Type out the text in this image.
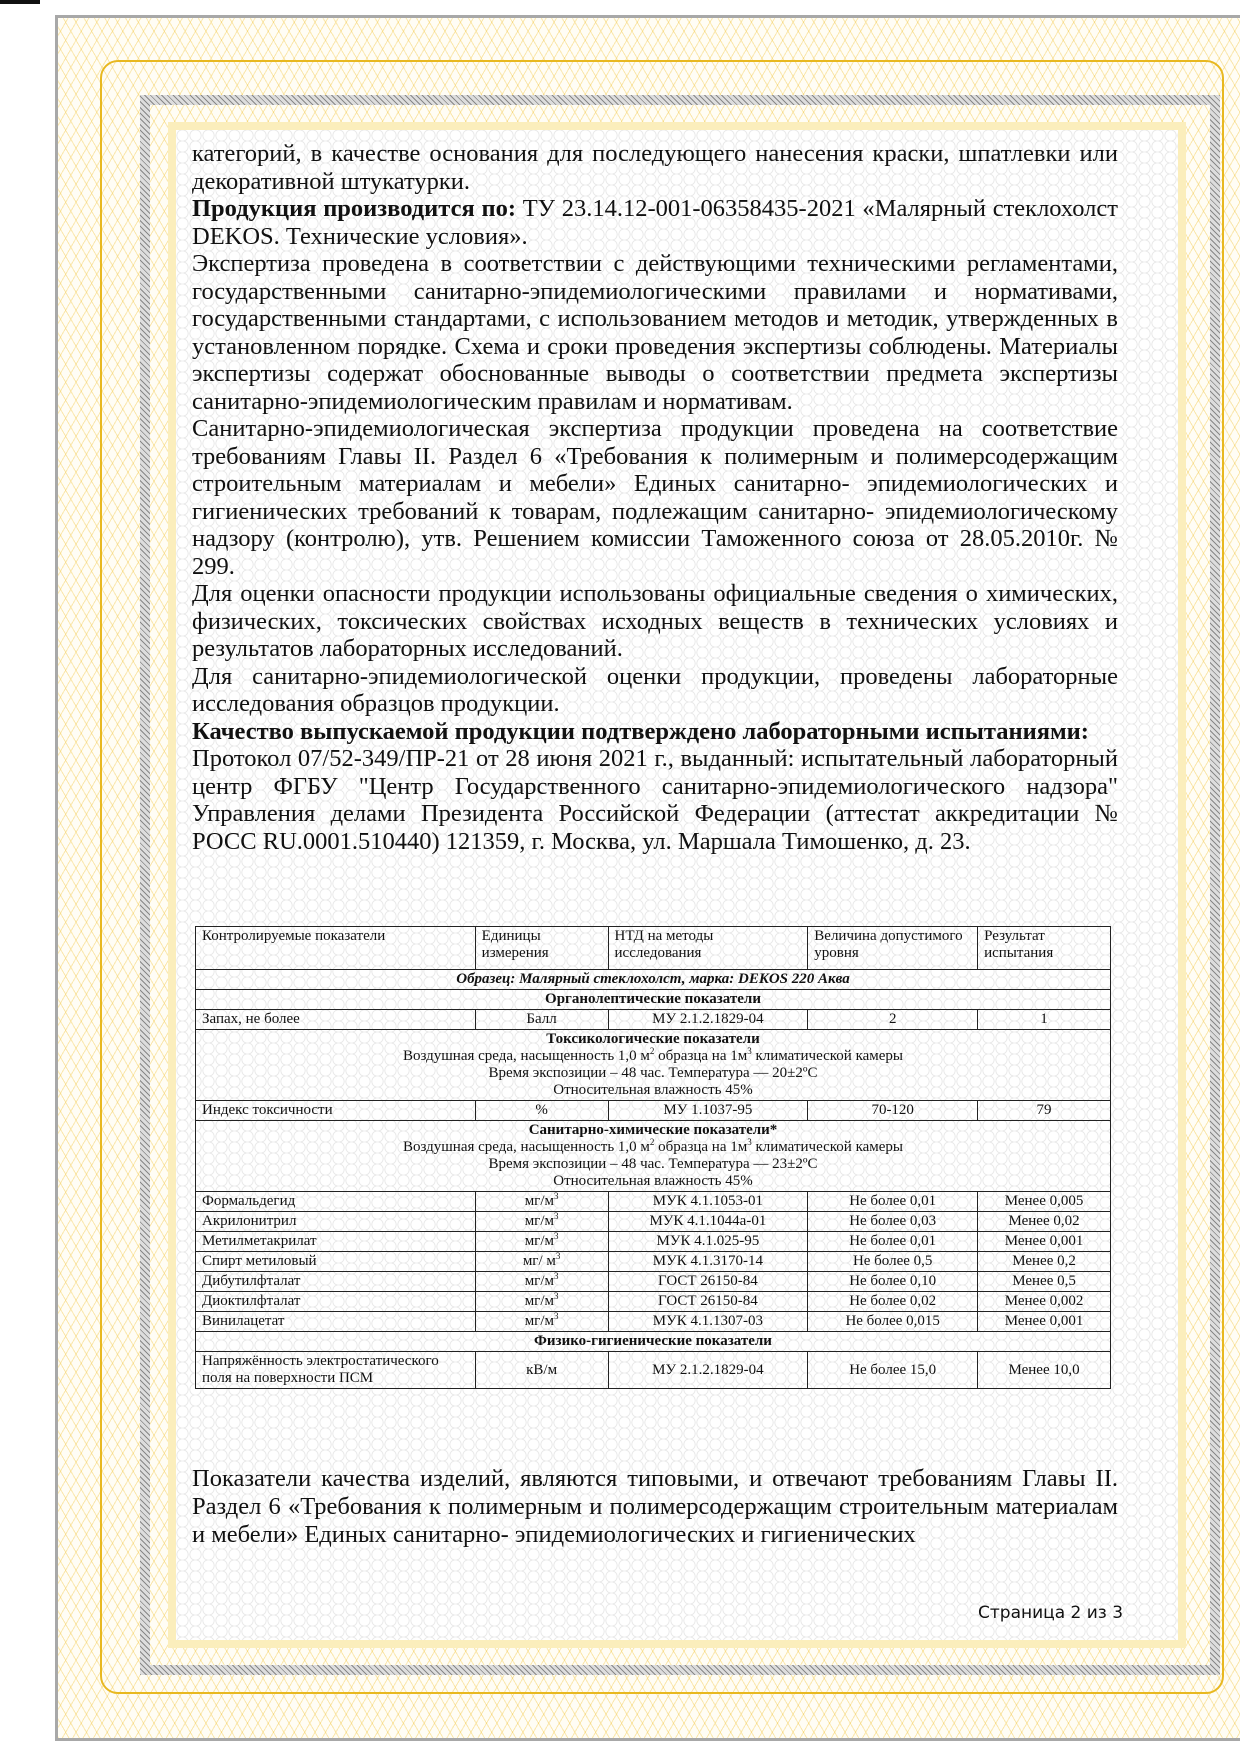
категорий, в качестве основания для последующего нанесения краски, шпатлевки или декоративной штукатурки.

Продукция производится по: ТУ 23.14.12-001-06358435-2021 «Малярный стеклохолст DEKOS. Технические условия».

Экспертиза проведена в соответствии с действующими техническими регламентами, государственными санитарно-эпидемиологическими правилами и нормативами, государственными стандартами, с использованием методов и методик, утвержденных в установленном порядке. Схема и сроки проведения экспертизы соблюдены. Материалы экспертизы содержат обоснованные выводы о соответствии предмета экспертизы санитарно-эпидемиологическим правилам и нормативам.

Санитарно-эпидемиологическая экспертиза продукции проведена на соответствие требованиям Главы II. Раздел 6 «Требования к полимерным и полимерсодержащим строительным материалам и мебели» Единых санитарно- эпидемиологических и гигиенических требований к товарам, подлежащим санитарно- эпидемиологическому надзору (контролю), утв. Решением комиссии Таможенного союза от 28.05.2010г. № 299.

Для оценки опасности продукции использованы официальные сведения о химических, физических, токсических свойствах исходных веществ в технических условиях и результатов лабораторных исследований.

Для санитарно-эпидемиологической оценки продукции, проведены лабораторные исследования образцов продукции.

Качество выпускаемой продукции подтверждено лабораторными испытаниями:

Протокол 07/52-349/ПР-21 от 28 июня 2021 г., выданный: испытательный лабораторный центр ФГБУ "Центр Государственного санитарно-эпидемиологического надзора" Управления делами Президента Российской Федерации (аттестат аккредитации № РОСС RU.0001.510440) 121359, г. Москва, ул. Маршала Тимошенко, д. 23.

Контролируемые показатели	Единицы измерения	НТД на методы исследования	Величина допустимого уровня	Результат испытания
Образец: Малярный стеклохолст, марка: DEKOS 220 Аква				
Органолептические показатели				
Запах, не более	Балл	МУ 2.1.2.1829-04	2	1

Токсикологические показатели
Воздушная среда, насыщенность 1,0 $м^2$ образца на $1м^3$ климатической камеры
Время экспозиции – 48 час. Температура — 20±2ºC
Относительная влажность 45%				

Индекс токсичности	%	МУ 1.1037-95	70-120	79

Санитарно-химические показатели*
Воздушная среда, насыщенность 1,0 $м^2$ образца на $1м^3$ климатической камеры
Время экспозиции – 48 час. Температура — 23±2ºC
Относительная влажность 45%				

Формальдегид	$мг/м^3$	МУК 4.1.1053-01	Не более 0,01	Менее 0,005
Акрилонитрил	$мг/м^3$	МУК 4.1.1044а-01	Не более 0,03	Менее 0,02
Метилметакрилат	$мг/м^3$	МУК 4.1.025-95	Не более 0,01	Менее 0,001
Спирт метиловый	мг/ $м^3$	МУК 4.1.3170-14	Не более 0,5	Менее 0,2
Дибутилфталат	$мг/м^3$	ГОСТ 26150-84	Не более 0,10	Менее 0,5
Диоктилфталат	$мг/м^3$	ГОСТ 26150-84	Не более 0,02	Менее 0,002
Винилацетат	$мг/м^3$	МУК 4.1.1307-03	Не более 0,015	Менее 0,001
Физико-гигиенические показатели				
Напряжённость электростатического поля на поверхности ПСМ	кВ/м	МУ 2.1.2.1829-04	Не более 15,0	Менее 10,0

Показатели качества изделий, являются типовыми, и отвечают требованиям Главы II. Раздел 6 «Требования к полимерным и полимерсодержащим строительным материалам и мебели» Единых санитарно- эпидемиологических и гигиенических

Страница 2 из 3
